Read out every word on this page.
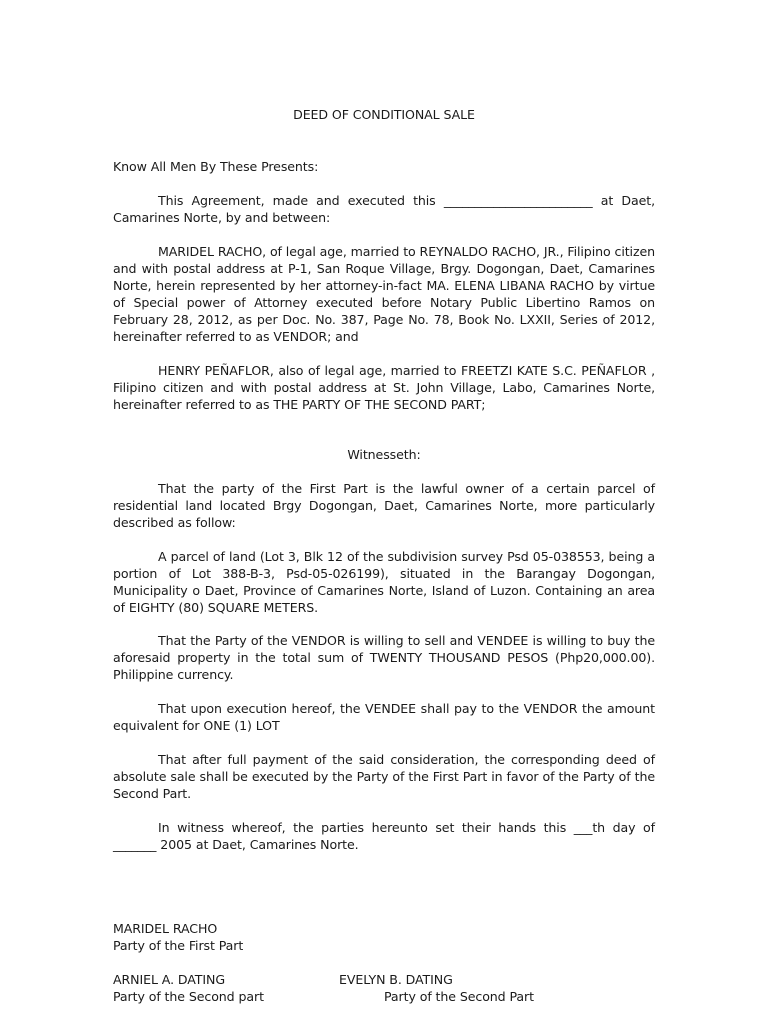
DEED OF CONDITIONAL SALE
Know All Men By These Presents:

This Agreement, made and executed this ________________________ at Daet, Camarines Norte, by and between:

MARIDEL RACHO, of legal age, married to REYNALDO RACHO, JR., Filipino citizen and with postal address at P-1, San Roque Village, Brgy. Dogongan, Daet, Camarines Norte, herein represented by her attorney-in-fact MA. ELENA LIBANA RACHO by virtue of Special power of Attorney executed before Notary Public Libertino Ramos on February 28, 2012, as per Doc. No. 387, Page No. 78, Book No. LXXII, Series of 2012, hereinafter referred to as VENDOR; and

HENRY PEÑAFLOR, also of legal age, married to FREETZI KATE S.C. PEÑAFLOR , Filipino citizen and with postal address at St. John Village, Labo, Camarines Norte, hereinafter referred to as THE PARTY OF THE SECOND PART;

Witnesseth:

That the party of the First Part is the lawful owner of a certain parcel of residential land located Brgy Dogongan, Daet, Camarines Norte, more particularly described as follow:

A parcel of land (Lot 3, Blk 12 of the subdivision survey Psd 05-038553, being a portion of Lot 388-B-3, Psd-05-026199), situated in the Barangay Dogongan, Municipality o Daet, Province of Camarines Norte, Island of Luzon. Containing an area of EIGHTY (80) SQUARE METERS.

That the Party of the VENDOR is willing to sell and VENDEE is willing to buy the aforesaid property in the total sum of TWENTY THOUSAND PESOS (Php20,000.00). Philippine currency.

That upon execution hereof, the VENDEE shall pay to the VENDOR the amount equivalent for ONE (1) LOT

That after full payment of the said consideration, the corresponding deed of absolute sale shall be executed by the Party of the First Part in favor of the Party of the Second Part.

In witness whereof, the parties hereunto set their hands this ___th day of _______ 2005 at Daet, Camarines Norte.

MARIDEL RACHO
Party of the First Part
ARNIEL A. DATING
Party of the Second part
EVELYN B. DATING
Party of the Second Part
